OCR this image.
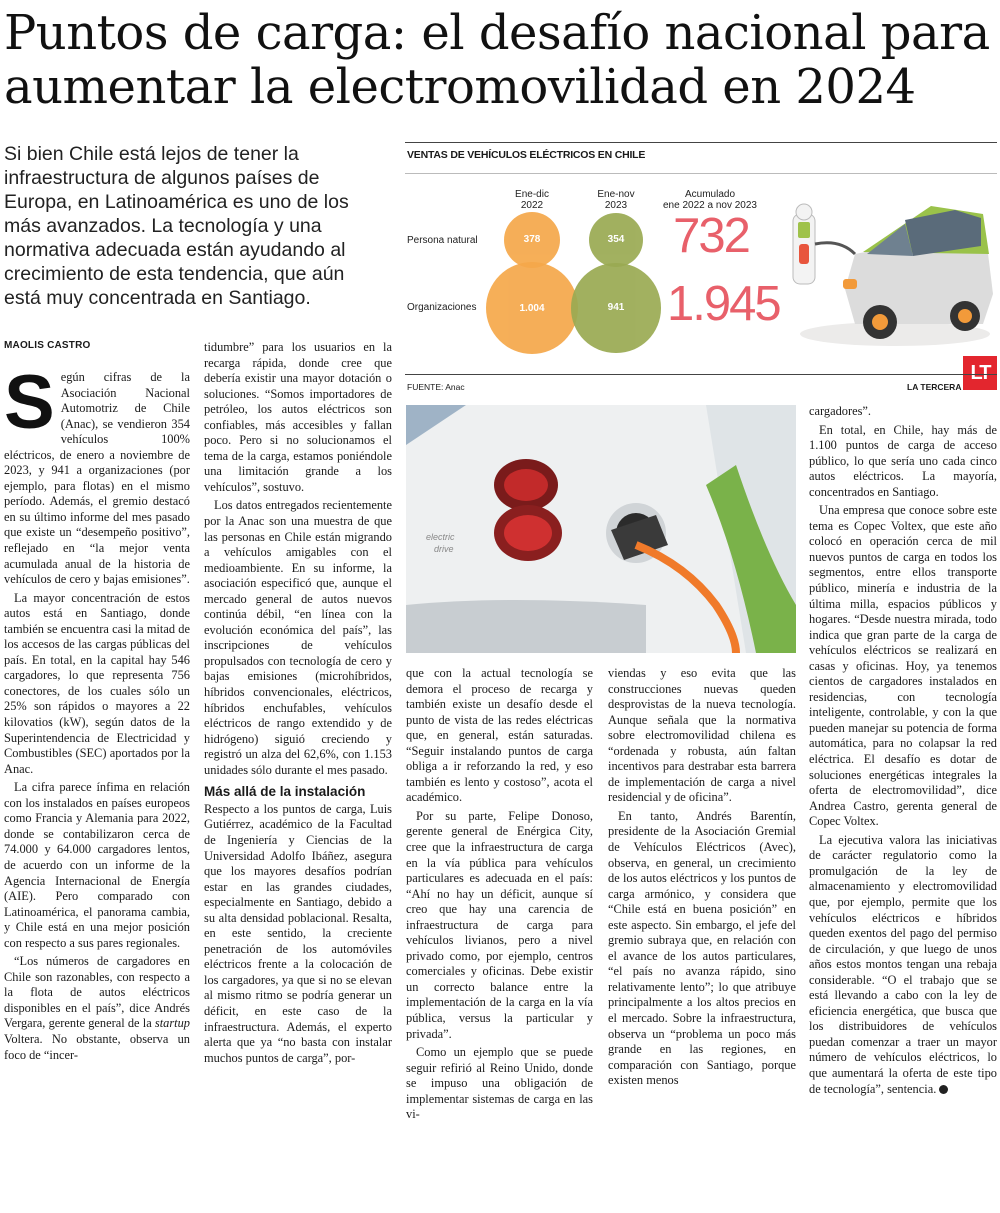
Puntos de carga: el desafío nacional para
aumentar la electromovilidad en 2024
Si bien Chile está lejos de tener la
infraestructura de algunos países de
Europa, en Latinoamérica es uno de los
más avanzados. La tecnología y una
normativa adecuada están ayudando al
crecimiento de esta tendencia, que aún
está muy concentrada en Santiago.
VENTAS DE VEHÍCULOS ELÉCTRICOS EN CHILE
Ene-dic
2022
Ene-nov
2023
Acumulado
ene 2022 a nov 2023
Persona natural
Organizaciones
378
1.004
354
941
732
1.945
FUENTE: Anac	LA TERCERA
LT
electric
drive
MAOLIS CASTRO

Según cifras de la Asociación Nacional Automotriz de Chile (Anac), se vendieron 354 vehículos 100% eléctricos, de enero a noviembre de 2023, y 941 a organizaciones (por ejemplo, para flotas) en el mismo período. Además, el gremio destacó en su último informe del mes pasado que existe un “desempeño positivo”, reflejado en “la mejor venta acumulada anual de la historia de vehículos de cero y bajas emisiones”.

La mayor concentración de estos autos está en Santiago, donde también se encuentra casi la mitad de los accesos de las cargas públicas del país. En total, en la capital hay 546 cargadores, lo que representa 756 conectores, de los cuales sólo un 25% son rápidos o mayores a 22 kilovatios (kW), según datos de la Superintendencia de Electricidad y Combustibles (SEC) aportados por la Anac.

La cifra parece ínfima en relación con los instalados en países europeos como Francia y Alemania para 2022, donde se contabilizaron cerca de 74.000 y 64.000 cargadores lentos, de acuerdo con un informe de la Agencia Internacional de Energía (AIE). Pero comparado con Latinoamérica, el panorama cambia, y Chile está en una mejor posición con respecto a sus pares regionales.

“Los números de cargadores en Chile son razonables, con respecto a la flota de autos eléctricos disponibles en el país”, dice Andrés Vergara, gerente general de la startup Voltera. No obstante, observa un foco de “incer-

tidumbre” para los usuarios en la recarga rápida, donde cree que debería existir una mayor dotación o soluciones. “Somos importadores de petróleo, los autos eléctricos son confiables, más accesibles y fallan poco. Pero si no solucionamos el tema de la carga, estamos poniéndole una limitación grande a los vehículos”, sostuvo.

Los datos entregados recientemente por la Anac son una muestra de que las personas en Chile están migrando a vehículos amigables con el medioambiente. En su informe, la asociación especificó que, aunque el mercado general de autos nuevos continúa débil, “en línea con la evolución económica del país”, las inscripciones de vehículos propulsados con tecnología de cero y bajas emisiones (microhíbridos, híbridos convencionales, eléctricos, híbridos enchufables, vehículos eléctricos de rango extendido y de hidrógeno) siguió creciendo y registró un alza del 62,6%, con 1.153 unidades sólo durante el mes pasado.

Más allá de la instalación

Respecto a los puntos de carga, Luis Gutiérrez, académico de la Facultad de Ingeniería y Ciencias de la Universidad Adolfo Ibáñez, asegura que los mayores desafíos podrían estar en las grandes ciudades, especialmente en Santiago, debido a su alta densidad poblacional. Resalta, en este sentido, la creciente penetración de los automóviles eléctricos frente a la colocación de los cargadores, ya que si no se elevan al mismo ritmo se podría generar un déficit, en este caso de la infraestructura. Además, el experto alerta que ya “no basta con instalar muchos puntos de carga”, por-

que con la actual tecnología se demora el proceso de recarga y también existe un desafío desde el punto de vista de las redes eléctricas que, en general, están saturadas. “Seguir instalando puntos de carga obliga a ir reforzando la red, y eso también es lento y costoso”, acota el académico.

Por su parte, Felipe Donoso, gerente general de Enérgica City, cree que la infraestructura de carga en la vía pública para vehículos particulares es adecuada en el país: “Ahí no hay un déficit, aunque sí creo que hay una carencia de infraestructura de carga para vehículos livianos, pero a nivel privado como, por ejemplo, centros comerciales y oficinas. Debe existir un correcto balance entre la implementación de la carga en la vía pública, versus la particular y privada”.

Como un ejemplo que se puede seguir refirió al Reino Unido, donde se impuso una obligación de implementar sistemas de carga en las vi-

viendas y eso evita que las construcciones nuevas queden desprovistas de la nueva tecnología. Aunque señala que la normativa sobre electromovilidad chilena es “ordenada y robusta, aún faltan incentivos para destrabar esta barrera de implementación de carga a nivel residencial y de oficina”.

En tanto, Andrés Barentín, presidente de la Asociación Gremial de Vehículos Eléctricos (Avec), observa, en general, un crecimiento de los autos eléctricos y los puntos de carga armónico, y considera que “Chile está en buena posición” en este aspecto. Sin embargo, el jefe del gremio subraya que, en relación con el avance de los autos particulares, “el país no avanza rápido, sino relativamente lento”; lo que atribuye principalmente a los altos precios en el mercado. Sobre la infraestructura, observa un “problema un poco más grande en las regiones, en comparación con Santiago, porque existen menos

cargadores”.

En total, en Chile, hay más de 1.100 puntos de carga de acceso público, lo que sería uno cada cinco autos eléctricos. La mayoría, concentrados en Santiago.

Una empresa que conoce sobre este tema es Copec Voltex, que este año colocó en operación cerca de mil nuevos puntos de carga en todos los segmentos, entre ellos transporte público, minería e industria de la última milla, espacios públicos y hogares. “Desde nuestra mirada, todo indica que gran parte de la carga de vehículos eléctricos se realizará en casas y oficinas. Hoy, ya tenemos cientos de cargadores instalados en residencias, con tecnología inteligente, controlable, y con la que pueden manejar su potencia de forma automática, para no colapsar la red eléctrica. El desafío es dotar de soluciones energéticas integrales la oferta de electromovilidad”, dice Andrea Castro, gerenta general de Copec Voltex.

La ejecutiva valora las iniciativas de carácter regulatorio como la promulgación de la ley de almacenamiento y electromovilidad que, por ejemplo, permite que los vehículos eléctricos e híbridos queden exentos del pago del permiso de circulación, y que luego de unos años estos montos tengan una rebaja considerable. “O el trabajo que se está llevando a cabo con la ley de eficiencia energética, que busca que los distribuidores de vehículos puedan comenzar a traer un mayor número de vehículos eléctricos, lo que aumentará la oferta de este tipo de tecnología”, sentencia.
